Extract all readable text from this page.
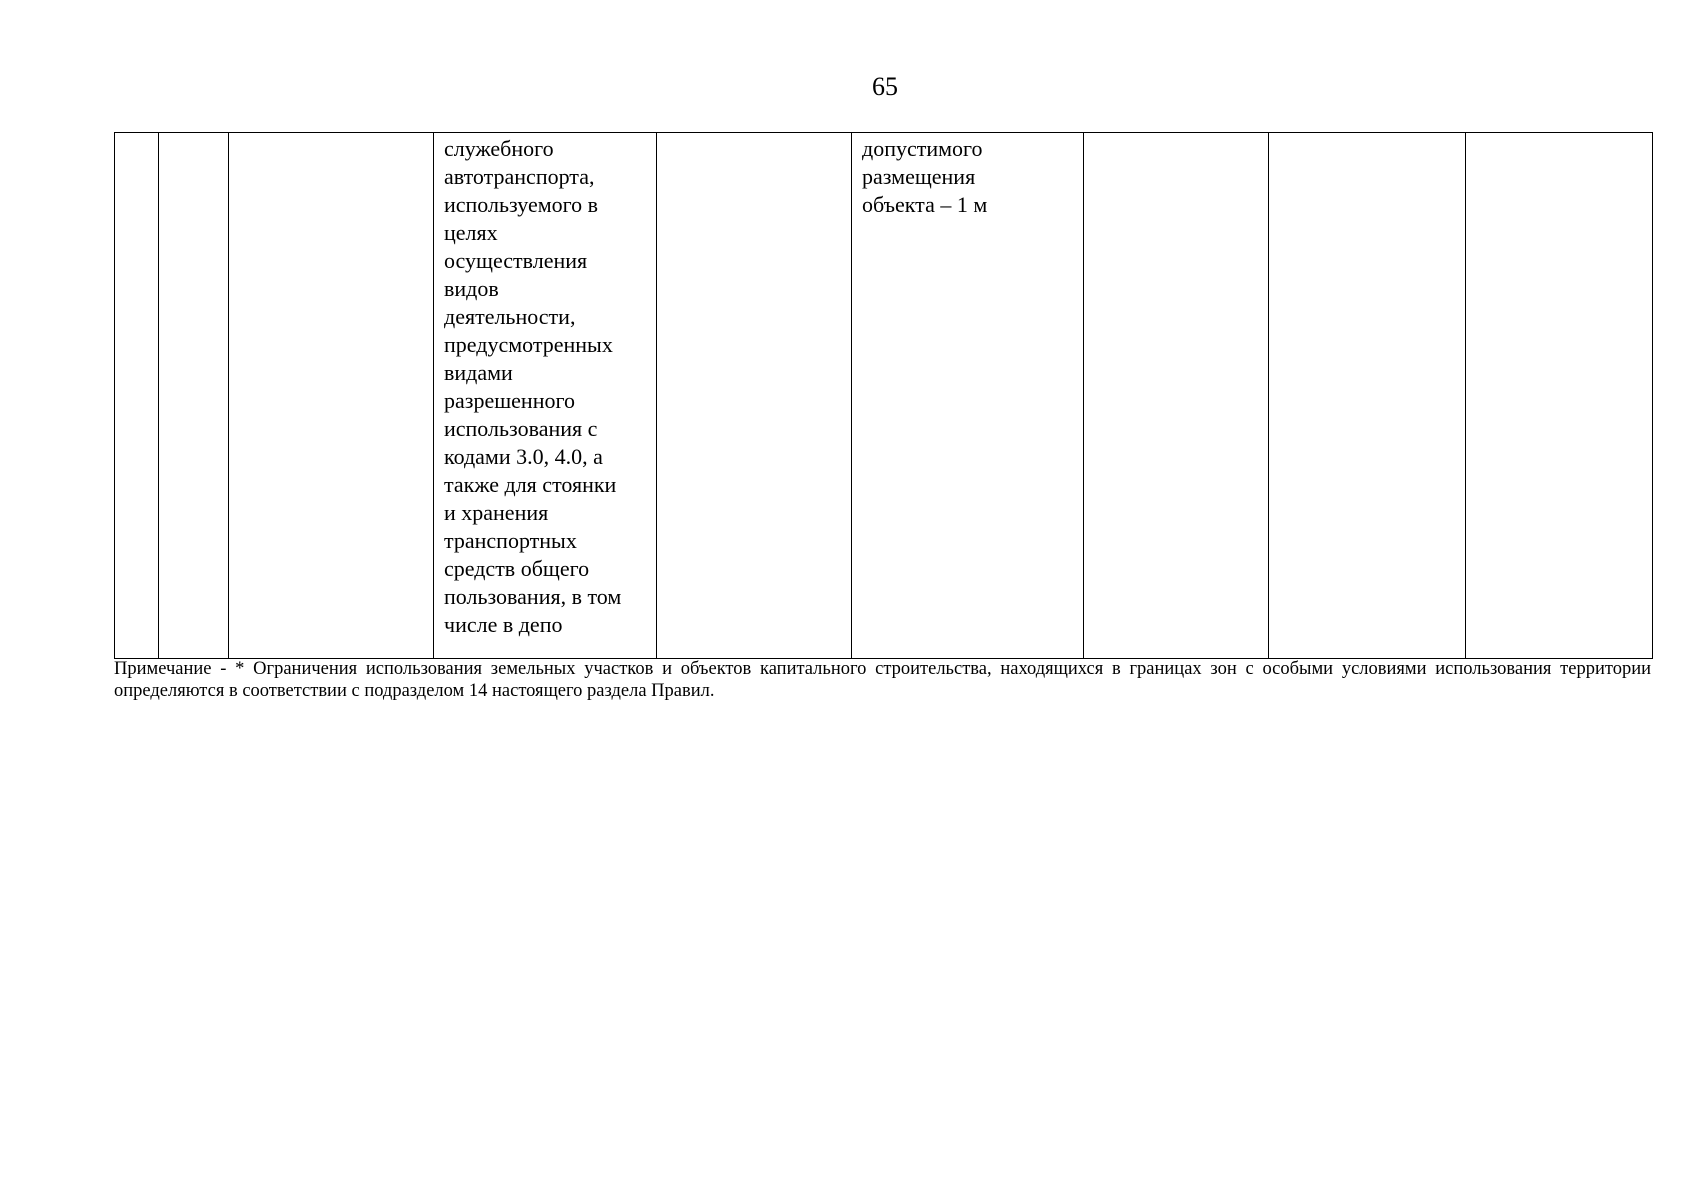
65
			служебного
автотранспорта,
используемого в
целях
осуществления
видов
деятельности,
предусмотренных
видами
разрешенного
использования с
кодами 3.0, 4.0, а
также для стоянки
и хранения
транспортных
средств общего
пользования, в том
числе в депо		допустимого
размещения
объекта – 1 м			
Примечание - * Ограничения использования земельных участков и объектов капитального строительства, находящихся в границах зон с особыми условиями использования территории определяются в соответствии с подразделом 14 настоящего раздела Правил.
